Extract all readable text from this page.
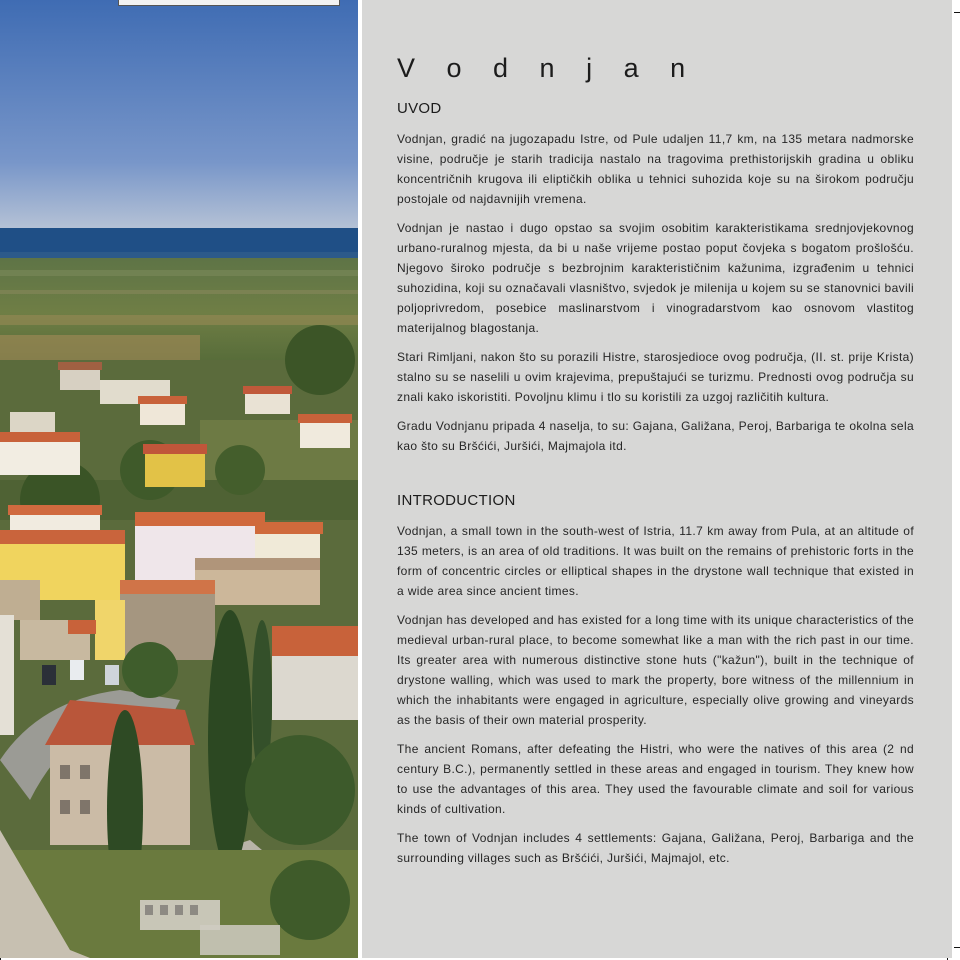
V o d n j a n
UVOD

Vodnjan, gradić na jugozapadu Istre, od Pule udaljen 11,7 km, na 135 metara nadmorske visine, područje je starih tradicija nastalo na tragovima prethistorijskih gradina u obliku koncentričnih krugova ili eliptičkih oblika u tehnici suhozida koje su na širokom području postojale od najdavnijih vremena.

Vodnjan je nastao i dugo opstao sa svojim osobitim karakteristikama srednjovjekovnog urbano-ruralnog mjesta, da bi u naše vrijeme postao poput čovjeka s bogatom prošlošću. Njegovo široko područje s bezbrojnim karakterističnim kažunima, izgrađenim u tehnici suhozidina, koji su označavali vlasništvo, svjedok je milenija u kojem su se stanovnici bavili poljoprivredom, posebice maslinarstvom i vinogradarstvom kao osnovom vlastitog materijalnog blagostanja.

Stari Rimljani, nakon što su porazili Histre, starosjedioce ovog područja, (II. st. prije Krista) stalno su se naselili u ovim krajevima, prepuštajući se turizmu. Prednosti ovog područja su znali kako iskoristiti. Povoljnu klimu i tlo su koristili za uzgoj različitih kultura.

Gradu Vodnjanu pripada 4 naselja, to su: Gajana, Galižana, Peroj, Barbariga te okolna sela kao što su Bršćići, Juršići, Majmajola itd.

INTRODUCTION

Vodnjan, a small town in the south-west of Istria, 11.7 km away from Pula, at an altitude of 135 meters, is an area of old traditions. It was built on the remains of prehistoric forts in the form of concentric circles or elliptical shapes in the drystone wall technique that existed in a wide area since ancient times.

Vodnjan has developed and has existed for a long time with its unique characteristics of the medieval urban-rural place, to become somewhat like a man with the rich past in our time. Its greater area with numerous distinctive stone huts ("kažun"), built in the technique of drystone walling, which was used to mark the property, bore witness of the millennium in which the inhabitants were engaged in agriculture, especially olive growing and vineyards as the basis of their own material prosperity.

The ancient Romans, after defeating the Histri, who were the natives of this area (2 nd century B.C.), permanently settled in these areas and engaged in tourism. They knew how to use the advantages of this area. They used the favourable climate and soil for various kinds of cultivation.

The town of Vodnjan includes 4 settlements: Gajana, Galižana, Peroj, Barbariga and the surrounding villages such as Bršćići, Juršići, Majmajol, etc.
